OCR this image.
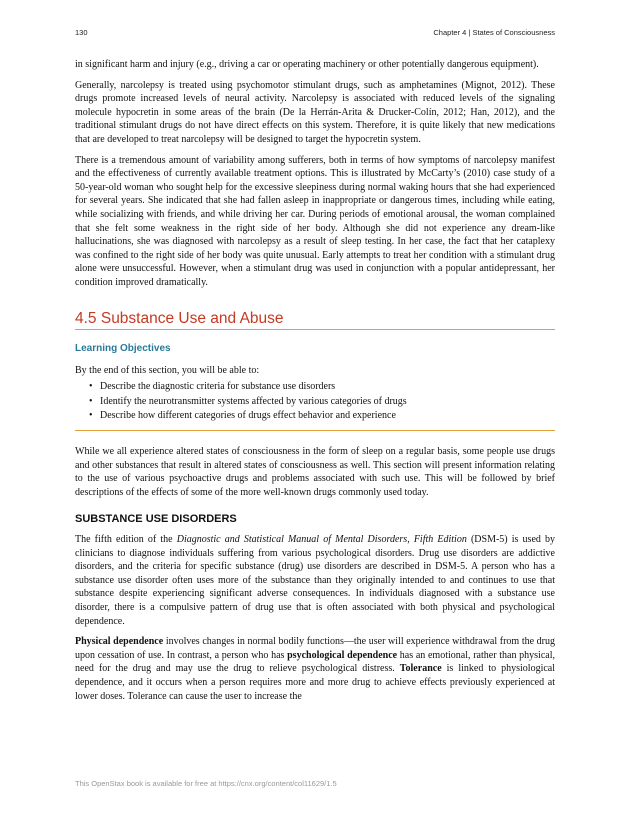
130	Chapter 4 | States of Consciousness

in significant harm and injury (e.g., driving a car or operating machinery or other potentially dangerous equipment).

Generally, narcolepsy is treated using psychomotor stimulant drugs, such as amphetamines (Mignot, 2012). These drugs promote increased levels of neural activity. Narcolepsy is associated with reduced levels of the signaling molecule hypocretin in some areas of the brain (De la Herrán-Arita & Drucker-Colín, 2012; Han, 2012), and the traditional stimulant drugs do not have direct effects on this system. Therefore, it is quite likely that new medications that are developed to treat narcolepsy will be designed to target the hypocretin system.

There is a tremendous amount of variability among sufferers, both in terms of how symptoms of narcolepsy manifest and the effectiveness of currently available treatment options. This is illustrated by McCarty’s (2010) case study of a 50-year-old woman who sought help for the excessive sleepiness during normal waking hours that she had experienced for several years. She indicated that she had fallen asleep in inappropriate or dangerous times, including while eating, while socializing with friends, and while driving her car. During periods of emotional arousal, the woman complained that she felt some weakness in the right side of her body. Although she did not experience any dream-like hallucinations, she was diagnosed with narcolepsy as a result of sleep testing. In her case, the fact that her cataplexy was confined to the right side of her body was quite unusual. Early attempts to treat her condition with a stimulant drug alone were unsuccessful. However, when a stimulant drug was used in conjunction with a popular antidepressant, her condition improved dramatically.

4.5 Substance Use and Abuse
Learning Objectives

By the end of this section, you will be able to:

• Describe the diagnostic criteria for substance use disorders
• Identify the neurotransmitter systems affected by various categories of drugs
• Describe how different categories of drugs effect behavior and experience

While we all experience altered states of consciousness in the form of sleep on a regular basis, some people use drugs and other substances that result in altered states of consciousness as well. This section will present information relating to the use of various psychoactive drugs and problems associated with such use. This will be followed by brief descriptions of the effects of some of the more well-known drugs commonly used today.

SUBSTANCE USE DISORDERS

The fifth edition of the Diagnostic and Statistical Manual of Mental Disorders, Fifth Edition (DSM-5) is used by clinicians to diagnose individuals suffering from various psychological disorders. Drug use disorders are addictive disorders, and the criteria for specific substance (drug) use disorders are described in DSM-5. A person who has a substance use disorder often uses more of the substance than they originally intended to and continues to use that substance despite experiencing significant adverse consequences. In individuals diagnosed with a substance use disorder, there is a compulsive pattern of drug use that is often associated with both physical and psychological dependence.

Physical dependence involves changes in normal bodily functions—the user will experience withdrawal from the drug upon cessation of use. In contrast, a person who has psychological dependence has an emotional, rather than physical, need for the drug and may use the drug to relieve psychological distress. Tolerance is linked to physiological dependence, and it occurs when a person requires more and more drug to achieve effects previously experienced at lower doses. Tolerance can cause the user to increase the

This OpenStax book is available for free at https://cnx.org/content/col11629/1.5
